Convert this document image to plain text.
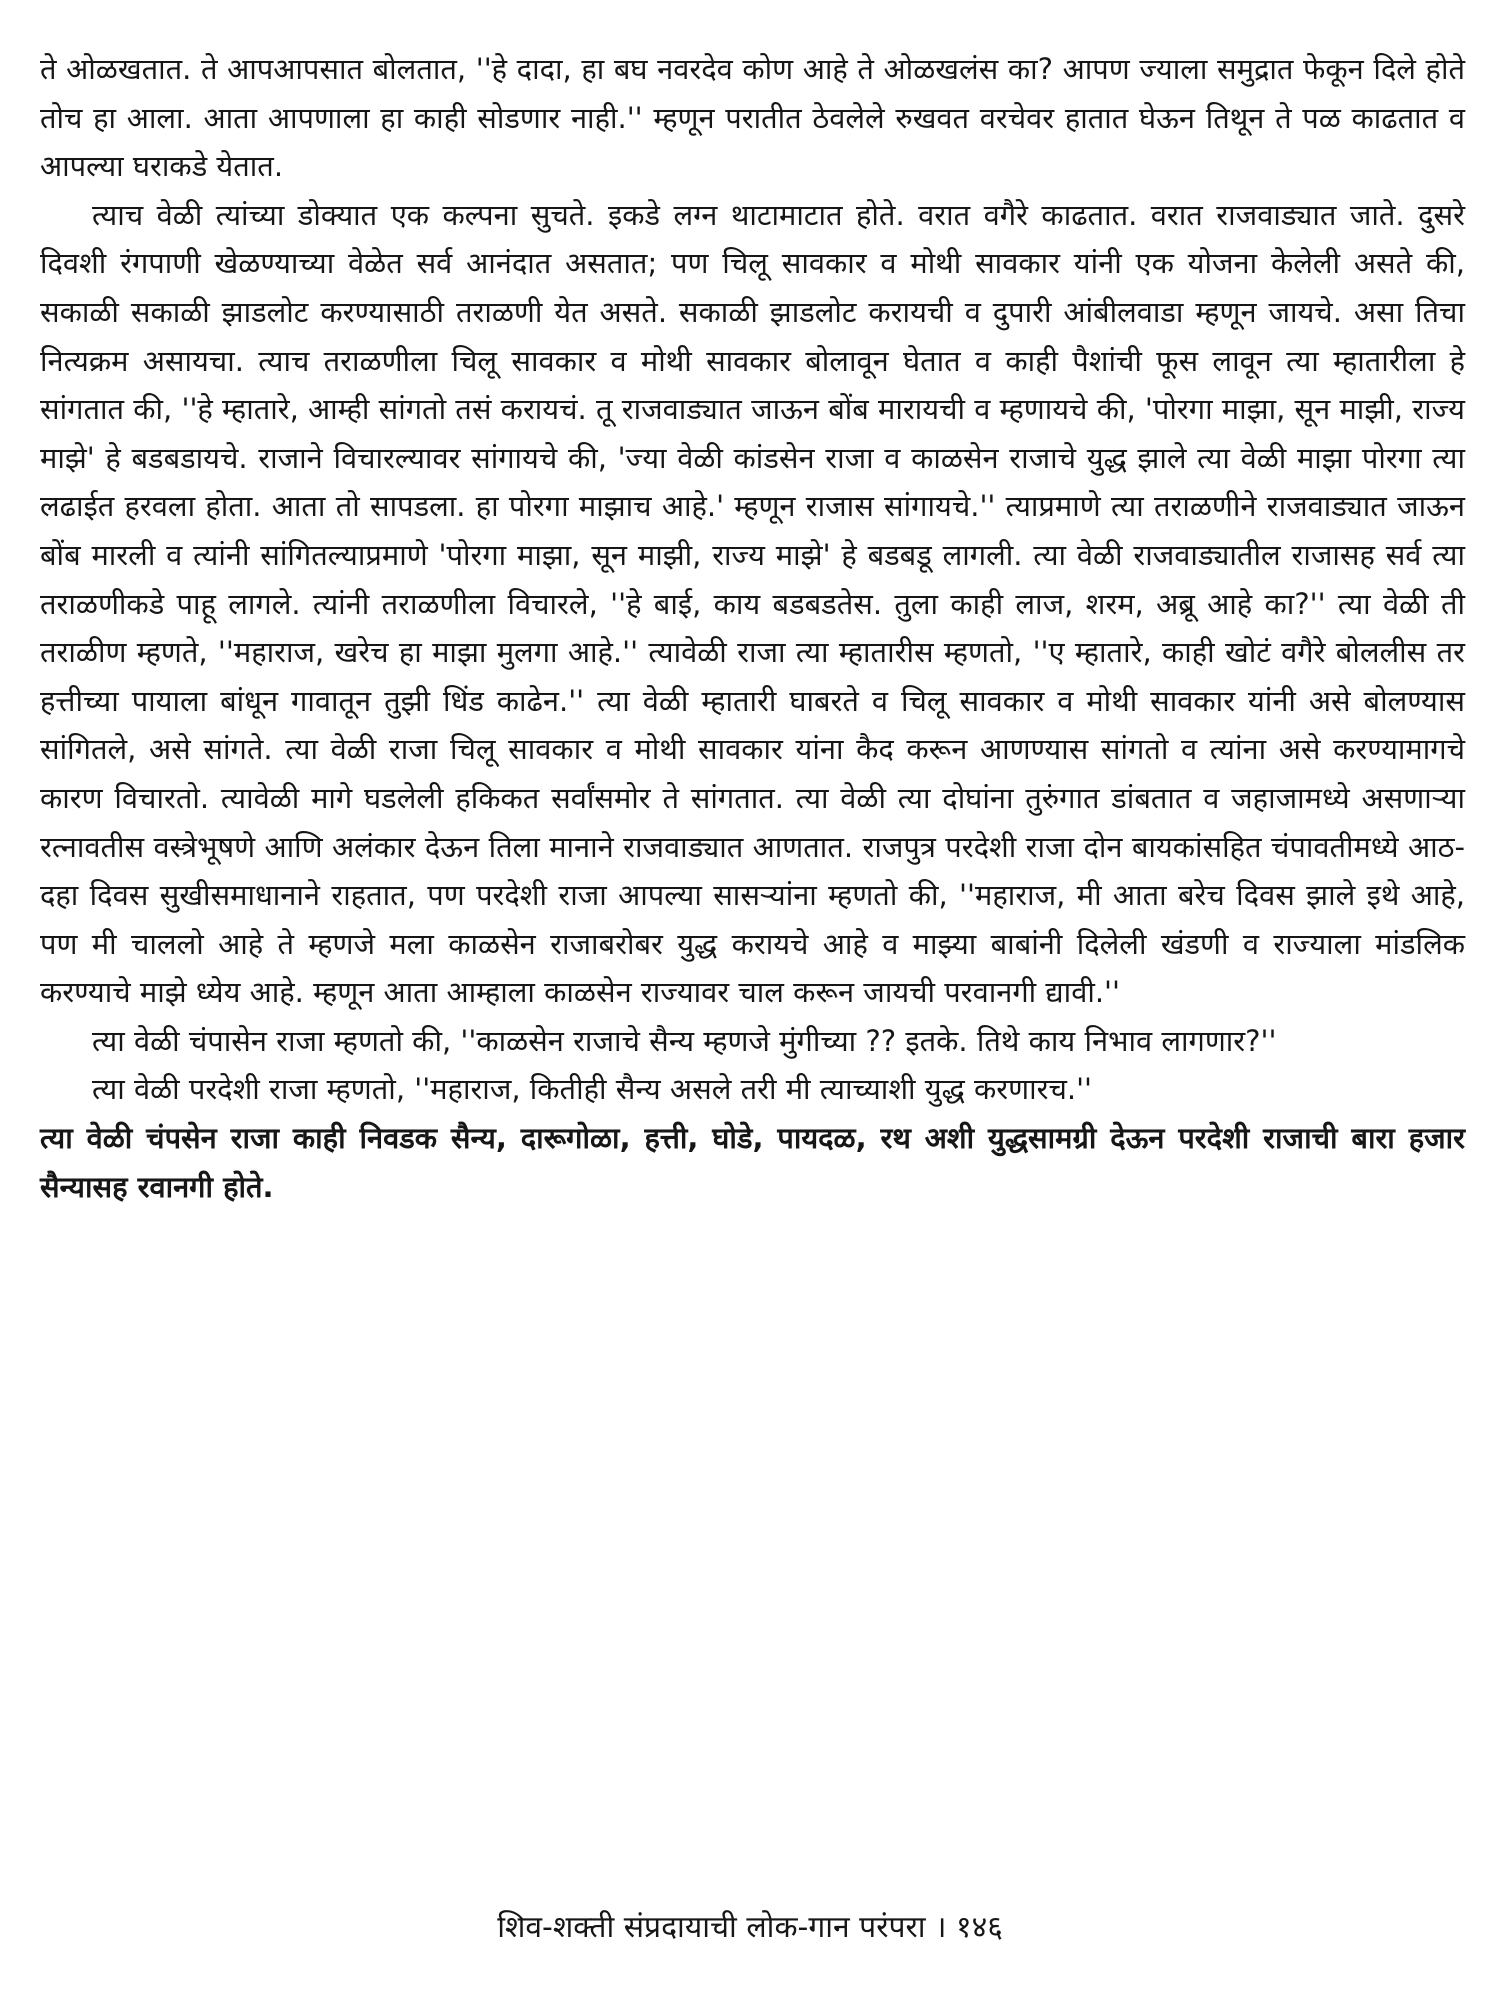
ते ओळखतात. ते आपआपसात बोलतात, ''हे दादा, हा बघ नवरदेव कोण आहे ते ओळखलंस का? आपण ज्याला समुद्रात फेकून दिले होते तोच हा आला. आता आपणाला हा काही सोडणार नाही.'' म्हणून परातीत ठेवलेले रुखवत वरचेवर हातात घेऊन तिथून ते पळ काढतात व आपल्या घराकडे येतात.

त्याच वेळी त्यांच्या डोक्यात एक कल्पना सुचते. इकडे लग्न थाटामाटात होते. वरात वगैरे काढतात. वरात राजवाड्यात जाते. दुसरे दिवशी रंगपाणी खेळण्याच्या वेळेत सर्व आनंदात असतात; पण चिलू सावकार व मोथी सावकार यांनी एक योजना केलेली असते की, सकाळी सकाळी झाडलोट करण्यासाठी तराळणी येत असते. सकाळी झाडलोट करायची व दुपारी आंबीलवाडा म्हणून जायचे. असा तिचा नित्यक्रम असायचा. त्याच तराळणीला चिलू सावकार व मोथी सावकार बोलावून घेतात व काही पैशांची फूस लावून त्या म्हातारीला हे सांगतात की, ''हे म्हातारे, आम्ही सांगतो तसं करायचं. तू राजवाड्यात जाऊन बोंब मारायची व म्हणायचे की, 'पोरगा माझा, सून माझी, राज्य माझे' हे बडबडायचे. राजाने विचारल्यावर सांगायचे की, 'ज्या वेळी कांडसेन राजा व काळसेन राजाचे युद्ध झाले त्या वेळी माझा पोरगा त्या लढाईत हरवला होता. आता तो सापडला. हा पोरगा माझाच आहे.' म्हणून राजास सांगायचे.'' त्याप्रमाणे त्या तराळणीने राजवाड्यात जाऊन बोंब मारली व त्यांनी सांगितल्याप्रमाणे 'पोरगा माझा, सून माझी, राज्य माझे' हे बडबडू लागली. त्या वेळी राजवाड्यातील राजासह सर्व त्या तराळणीकडे पाहू लागले. त्यांनी तराळणीला विचारले, ''हे बाई, काय बडबडतेस. तुला काही लाज, शरम, अब्रू आहे का?'' त्या वेळी ती तराळीण म्हणते, ''महाराज, खरेच हा माझा मुलगा आहे.'' त्यावेळी राजा त्या म्हातारीस म्हणतो, ''ए म्हातारे, काही खोटं वगैरे बोललीस तर हत्तीच्या पायाला बांधून गावातून तुझी धिंड काढेन.'' त्या वेळी म्हातारी घाबरते व चिलू सावकार व मोथी सावकार यांनी असे बोलण्यास सांगितले, असे सांगते. त्या वेळी राजा चिलू सावकार व मोथी सावकार यांना कैद करून आणण्यास सांगतो व त्यांना असे करण्यामागचे कारण विचारतो. त्यावेळी मागे घडलेली हकिकत सर्वांसमोर ते सांगतात. त्या वेळी त्या दोघांना तुरुंगात डांबतात व जहाजामध्ये असणाऱ्या रत्नावतीस वस्त्रेभूषणे आणि अलंकार देऊन तिला मानाने राजवाड्यात आणतात. राजपुत्र परदेशी राजा दोन बायकांसहित चंपावतीमध्ये आठ-दहा दिवस सुखीसमाधानाने राहतात, पण परदेशी राजा आपल्या सासऱ्यांना म्हणतो की, ''महाराज, मी आता बरेच दिवस झाले इथे आहे, पण मी चाललो आहे ते म्हणजे मला काळसेन राजाबरोबर युद्ध करायचे आहे व माझ्या बाबांनी दिलेली खंडणी व राज्याला मांडलिक करण्याचे माझे ध्येय आहे. म्हणून आता आम्हाला काळसेन राज्यावर चाल करून जायची परवानगी द्यावी.''

त्या वेळी चंपासेन राजा म्हणतो की, ''काळसेन राजाचे सैन्य म्हणजे मुंगीच्या ?? इतके. तिथे काय निभाव लागणार?''

त्या वेळी परदेशी राजा म्हणतो, ''महाराज, कितीही सैन्य असले तरी मी त्याच्याशी युद्ध करणारच.''

त्या वेळी चंपसेन राजा काही निवडक सैन्य, दारूगोळा, हत्ती, घोडे, पायदळ, रथ अशी युद्धसामग्री देऊन परदेशी राजाची बारा हजार सैन्यासह रवानगी होते.

शिव-शक्ती संप्रदायाची लोक-गान परंपरा । १४६
